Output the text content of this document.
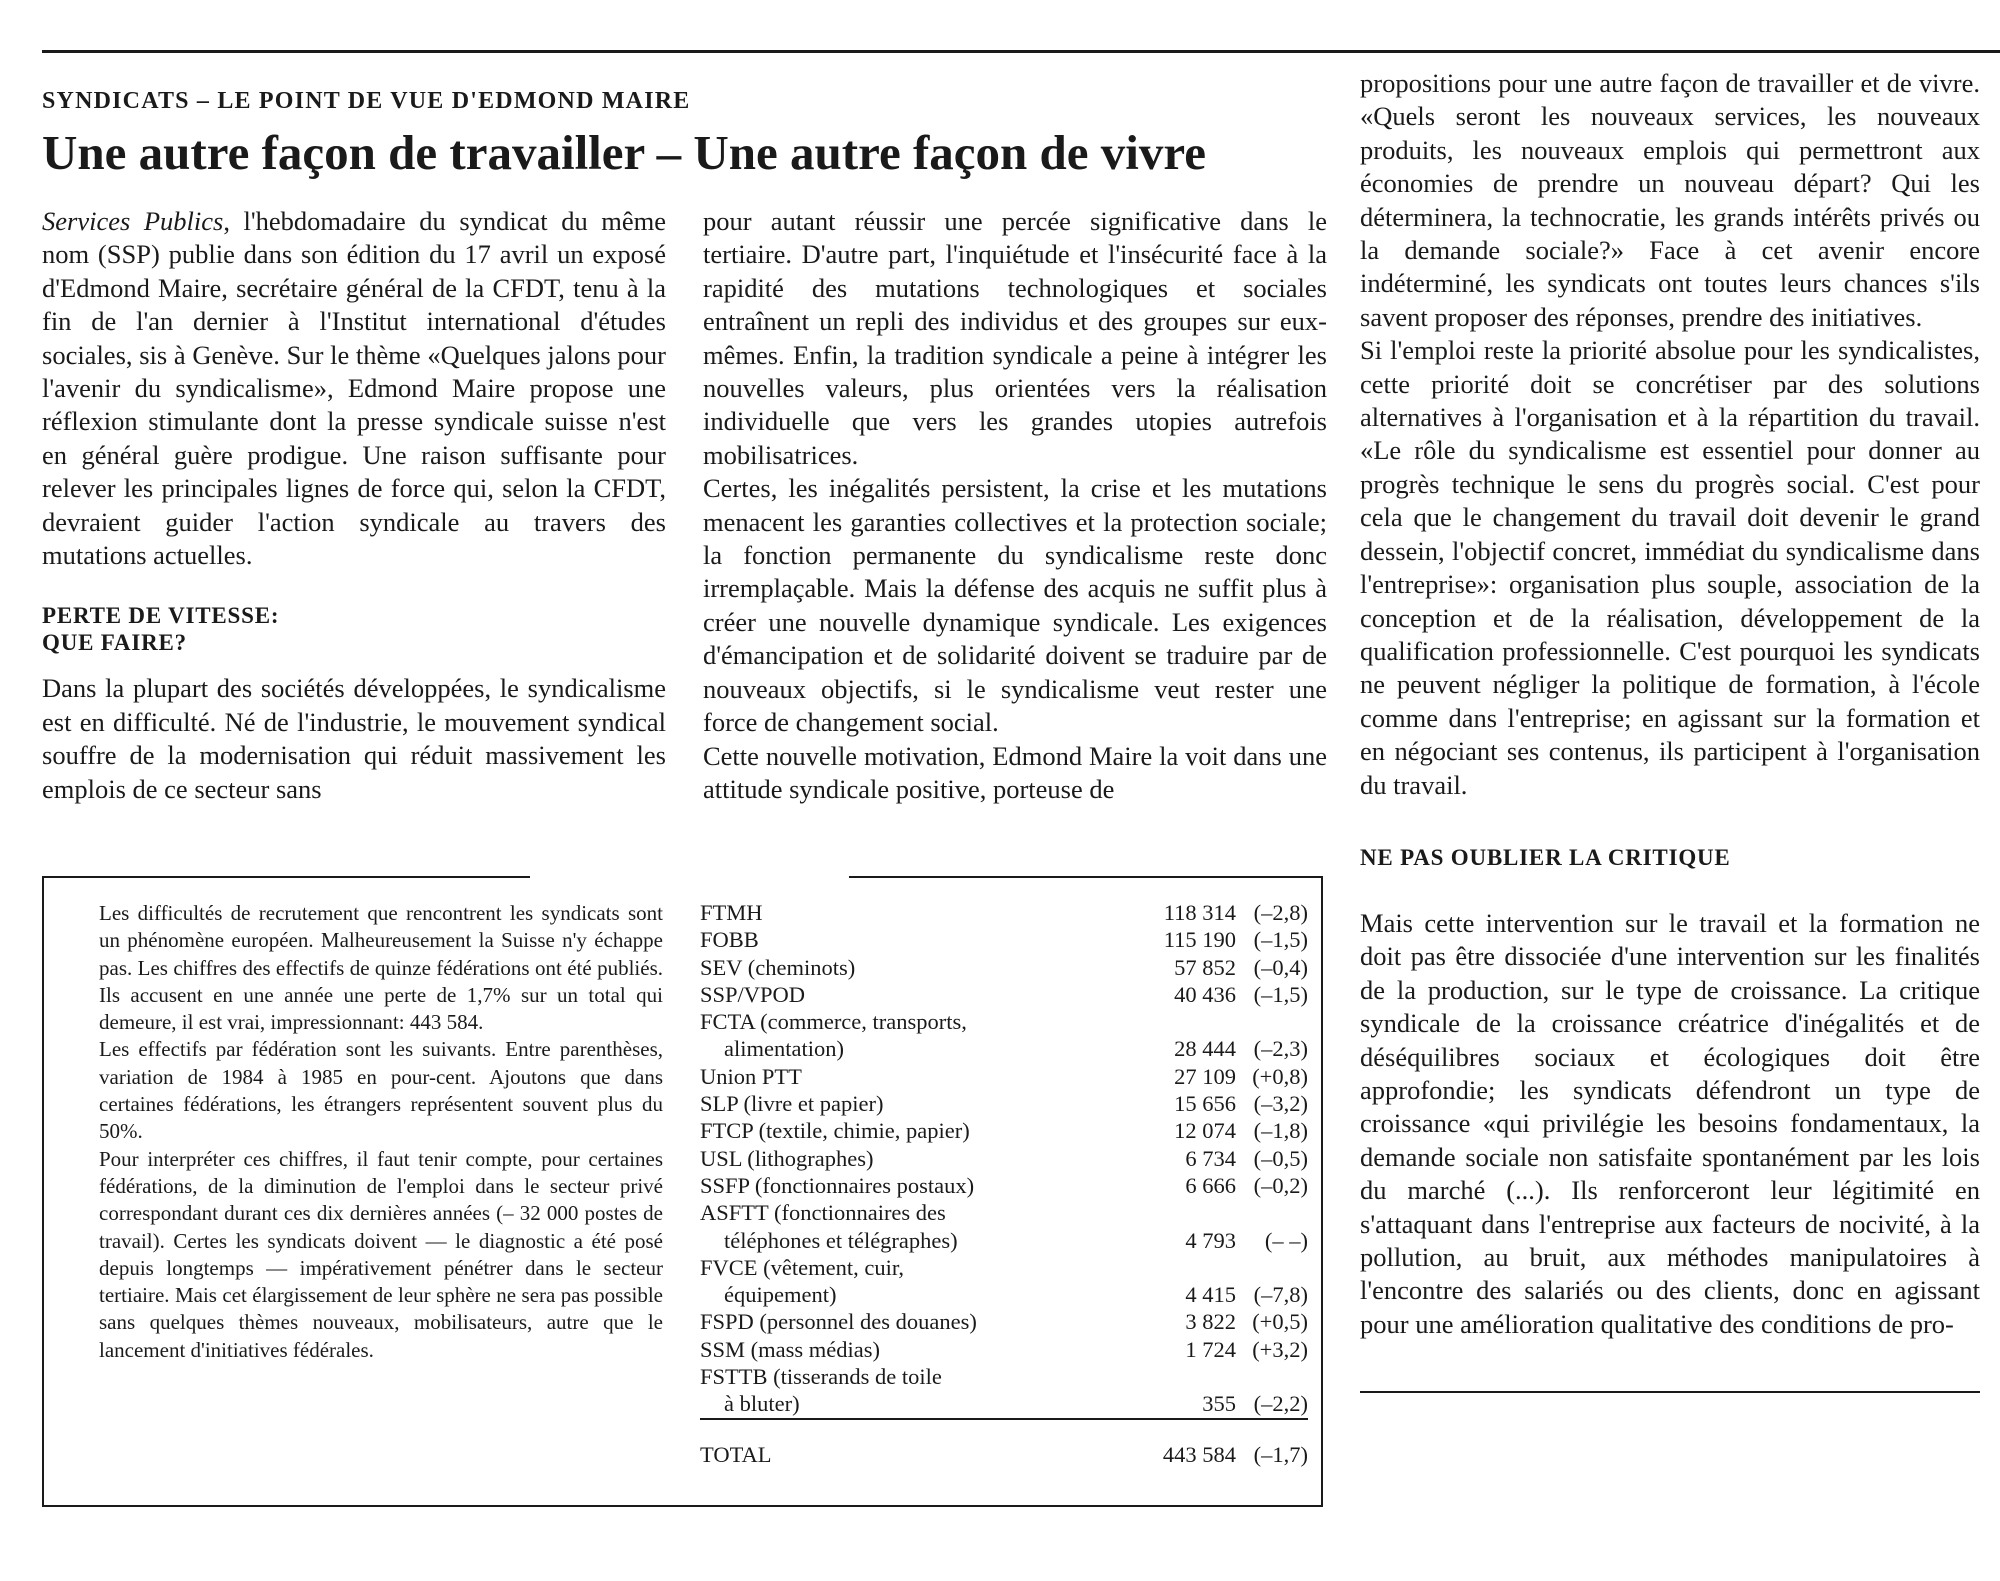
SYNDICATS – LE POINT DE VUE D'EDMOND MAIRE
Une autre façon de travailler – Une autre façon de vivre

Services Publics, l'hebdomadaire du syndicat du même nom (SSP) publie dans son édition du 17 avril un exposé d'Edmond Maire, secrétaire général de la CFDT, tenu à la fin de l'an dernier à l'Institut international d'études sociales, sis à Genève. Sur le thème «Quelques jalons pour l'avenir du syndicalisme», Edmond Maire propose une réflexion stimulante dont la presse syndicale suisse n'est en général guère prodigue. Une raison suffisante pour relever les principales lignes de force qui, selon la CFDT, devraient guider l'action syndicale au travers des mutations actuelles.

PERTE DE VITESSE:
QUE FAIRE?

Dans la plupart des sociétés développées, le syndicalisme est en difficulté. Né de l'industrie, le mouvement syndical souffre de la modernisation qui réduit massivement les emplois de ce secteur sans

pour autant réussir une percée significative dans le tertiaire. D'autre part, l'inquiétude et l'insécurité face à la rapidité des mutations technologiques et sociales entraînent un repli des individus et des groupes sur eux-mêmes. Enfin, la tradition syndicale a peine à intégrer les nouvelles valeurs, plus orientées vers la réalisation individuelle que vers les grandes utopies autrefois mobilisatrices.

Certes, les inégalités persistent, la crise et les mutations menacent les garanties collectives et la protection sociale; la fonction permanente du syndicalisme reste donc irremplaçable. Mais la défense des acquis ne suffit plus à créer une nouvelle dynamique syndicale. Les exigences d'émancipation et de solidarité doivent se traduire par de nouveaux objectifs, si le syndicalisme veut rester une force de changement social.

Cette nouvelle motivation, Edmond Maire la voit dans une attitude syndicale positive, porteuse de

propositions pour une autre façon de travailler et de vivre. «Quels seront les nouveaux services, les nouveaux produits, les nouveaux emplois qui permettront aux économies de prendre un nouveau départ? Qui les déterminera, la technocratie, les grands intérêts privés ou la demande sociale?» Face à cet avenir encore indéterminé, les syndicats ont toutes leurs chances s'ils savent proposer des réponses, prendre des initiatives.

Si l'emploi reste la priorité absolue pour les syndicalistes, cette priorité doit se concrétiser par des solutions alternatives à l'organisation et à la répartition du travail. «Le rôle du syndicalisme est essentiel pour donner au progrès technique le sens du progrès social. C'est pour cela que le changement du travail doit devenir le grand dessein, l'objectif concret, immédiat du syndicalisme dans l'entreprise»: organisation plus souple, association de la conception et de la réalisation, développement de la qualification professionnelle. C'est pourquoi les syndicats ne peuvent négliger la politique de formation, à l'école comme dans l'entreprise; en agissant sur la formation et en négociant ses contenus, ils participent à l'organisation du travail.

NE PAS OUBLIER LA CRITIQUE

Mais cette intervention sur le travail et la formation ne doit pas être dissociée d'une intervention sur les finalités de la production, sur le type de croissance. La critique syndicale de la croissance créatrice d'inégalités et de déséquilibres sociaux et écologiques doit être approfondie; les syndicats défendront un type de croissance «qui privilégie les besoins fondamentaux, la demande sociale non satisfaite spontanément par les lois du marché (...). Ils renforceront leur légitimité en s'attaquant dans l'entreprise aux facteurs de nocivité, à la pollution, au bruit, aux méthodes manipulatoires à l'encontre des salariés ou des clients, donc en agissant pour une amélioration qualitative des conditions de pro-

Les difficultés de recrutement que rencontrent les syndicats sont un phénomène européen. Malheureusement la Suisse n'y échappe pas. Les chiffres des effectifs de quinze fédérations ont été publiés. Ils accusent en une année une perte de 1,7% sur un total qui demeure, il est vrai, impressionnant: 443 584.

Les effectifs par fédération sont les suivants. Entre parenthèses, variation de 1984 à 1985 en pour-cent. Ajoutons que dans certaines fédérations, les étrangers représentent souvent plus du 50%.

Pour interpréter ces chiffres, il faut tenir compte, pour certaines fédérations, de la diminution de l'emploi dans le secteur privé correspondant durant ces dix dernières années (– 32 000 postes de travail). Certes les syndicats doivent — le diagnostic a été posé depuis longtemps — impérativement pénétrer dans le secteur tertiaire. Mais cet élargissement de leur sphère ne sera pas possible sans quelques thèmes nouveaux, mobilisateurs, autre que le lancement d'initiatives fédérales.

FTMH	118 314	(–2,8)
FOBB	115 190	(–1,5)
SEV (cheminots)	57 852	(–0,4)
SSP/VPOD	40 436	(–1,5)
FCTA (commerce, transports,
alimentation)	28 444	(–2,3)
Union PTT	27 109	(+0,8)
SLP (livre et papier)	15 656	(–3,2)
FTCP (textile, chimie, papier)	12 074	(–1,8)
USL (lithographes)	6 734	(–0,5)
SSFP (fonctionnaires postaux)	6 666	(–0,2)
ASFTT (fonctionnaires des
téléphones et télégraphes)	4 793	(– –)
FVCE (vêtement, cuir,
équipement)	4 415	(–7,8)
FSPD (personnel des douanes)	3 822	(+0,5)
SSM (mass médias)	1 724	(+3,2)
FSTTB (tisserands de toile
à bluter)	355	(–2,2)

TOTAL	443 584	(–1,7)
